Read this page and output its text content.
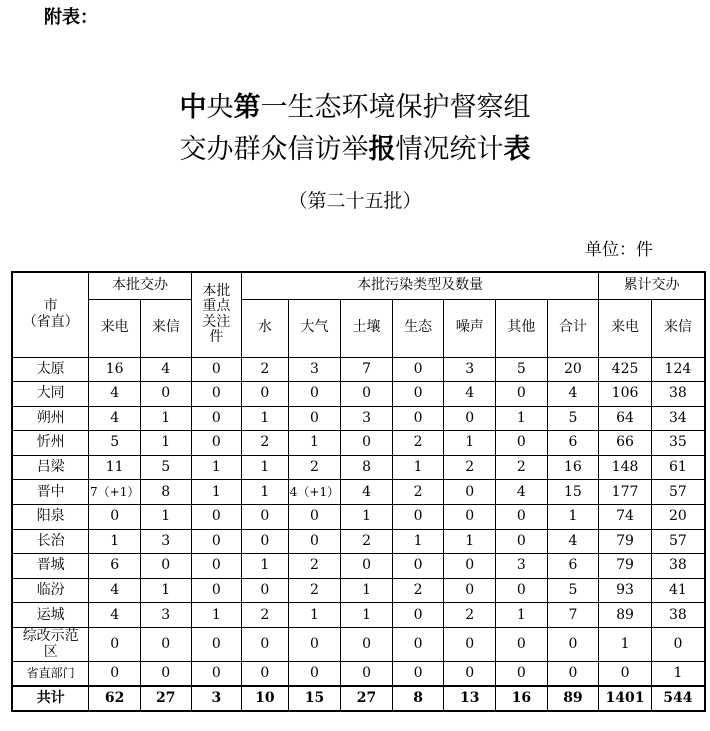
附表：
中央第一生态环境保护督察组
交办群众信访举报情况统计表
（第二十五批）
单位：件
市
（省直）	本批交办		本批重点关注件	本批污染类型及数量							累计交办	
	来电	来信		水	大气	土壤	生态	噪声	其他	合计	来电	来信
太原	16	4	0	2	3	7	0	3	5	20	425	124
大同	4	0	0	0	0	0	0	4	0	4	106	38
朔州	4	1	0	1	0	3	0	0	1	5	64	34
忻州	5	1	0	2	1	0	2	1	0	6	66	35
吕梁	11	5	1	1	2	8	1	2	2	16	148	61
晋中	7（+1）	8	1	1	4（+1）	4	2	0	4	15	177	57
阳泉	0	1	0	0	0	1	0	0	0	1	74	20
长治	1	3	0	0	0	2	1	1	0	4	79	57
晋城	6	0	0	1	2	0	0	0	3	6	79	38
临汾	4	1	0	0	2	1	2	0	0	5	93	41
运城	4	3	1	2	1	1	0	2	1	7	89	38
综改示范区	0	0	0	0	0	0	0	0	0	0	1	0
省直部门	0	0	0	0	0	0	0	0	0	0	0	1
共计	62	27	3	10	15	27	8	13	16	89	1401	544
